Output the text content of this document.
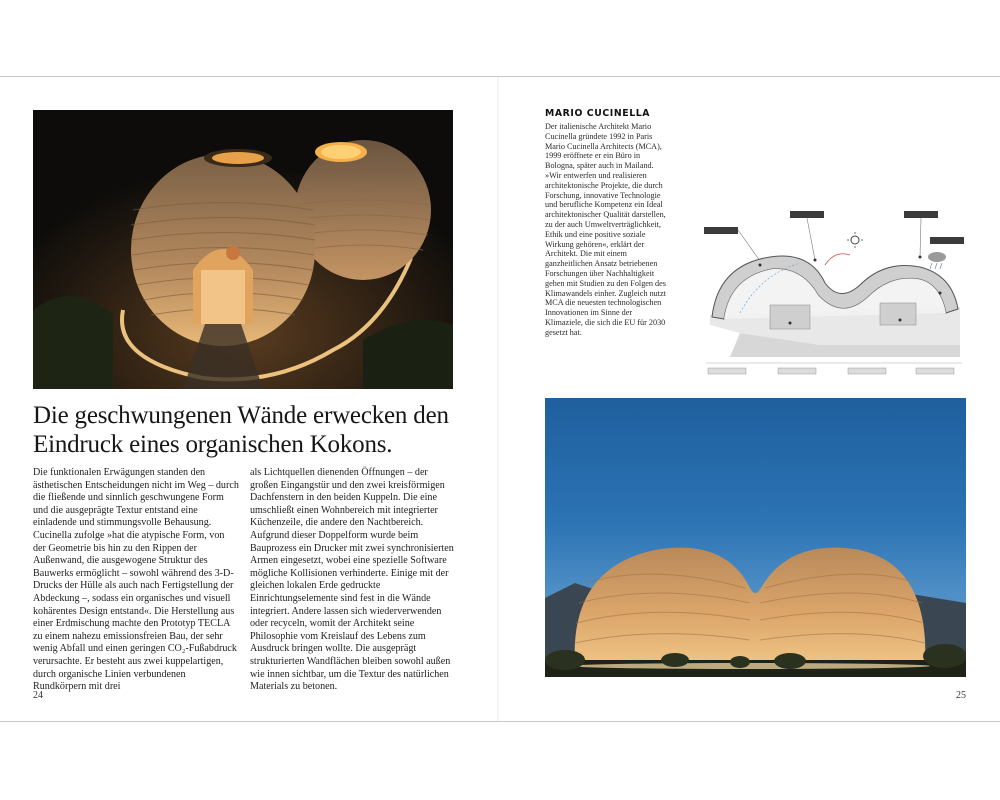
Die geschwungenen Wände erwecken den Eindruck eines organischen Kokons.

Die funktionalen Erwägungen standen den ästhetischen Entscheidungen nicht im Weg – durch die fließende und sinnlich geschwungene Form und die ausgeprägte Textur entstand eine einladende und stimmungsvolle Behausung. Cucinella zufolge »hat die atypische Form, von der Geometrie bis hin zu den Rippen der Außenwand, die ausgewogene Struktur des Bauwerks ermöglicht – sowohl während des 3-D-Drucks der Hülle als auch nach Fertigstellung der Abdeckung –, sodass ein organisches und visuell kohärentes Design entstand«. Die Herstellung aus einer Erdmischung machte den Prototyp TECLA zu einem nahezu emissionsfreien Bau, der sehr wenig Abfall und einen geringen CO₂-Fußabdruck verursachte. Er besteht aus zwei kuppelartigen, durch organische Linien verbundenen Rundkörpern mit drei

als Lichtquellen dienenden Öffnungen – der großen Eingangstür und den zwei kreisförmigen Dachfenstern in den beiden Kuppeln. Die eine umschließt einen Wohnbereich mit integrierter Küchenzeile, die andere den Nachtbereich. Aufgrund dieser Doppelform wurde beim Bauprozess ein Drucker mit zwei synchronisierten Armen eingesetzt, wobei eine spezielle Software mögliche Kollisionen verhinderte. Einige mit der gleichen lokalen Erde gedruckte Einrichtungselemente sind fest in die Wände integriert. Andere lassen sich wiederverwenden oder recyceln, womit der Architekt seine Philosophie vom Kreislauf des Lebens zum Ausdruck bringen wollte. Die ausgeprägt strukturierten Wandflächen bleiben sowohl außen wie innen sichtbar, um die Textur des natürlichen Materials zu betonen.

24
MARIO CUCINELLA

Der italienische Architekt Mario Cucinella gründete 1992 in Paris Mario Cucinella Architects (MCA), 1999 eröffnete er ein Büro in Bologna, später auch in Mailand. »Wir entwerfen und realisieren architektonische Projekte, die durch Forschung, innovative Technologie und berufliche Kompetenz ein Ideal architektonischer Qualität darstellen, zu der auch Umweltverträglichkeit, Ethik und eine positive soziale Wirkung gehören«, erklärt der Architekt. Die mit einem ganzheitlichen Ansatz betriebenen Forschungen über Nachhaltigkeit gehen mit Studien zu den Folgen des Klimawandels einher. Zugleich nutzt MCA die neuesten technologischen Innovationen im Sinne der Klimaziele, die sich die EU für 2030 gesetzt hat.

25
